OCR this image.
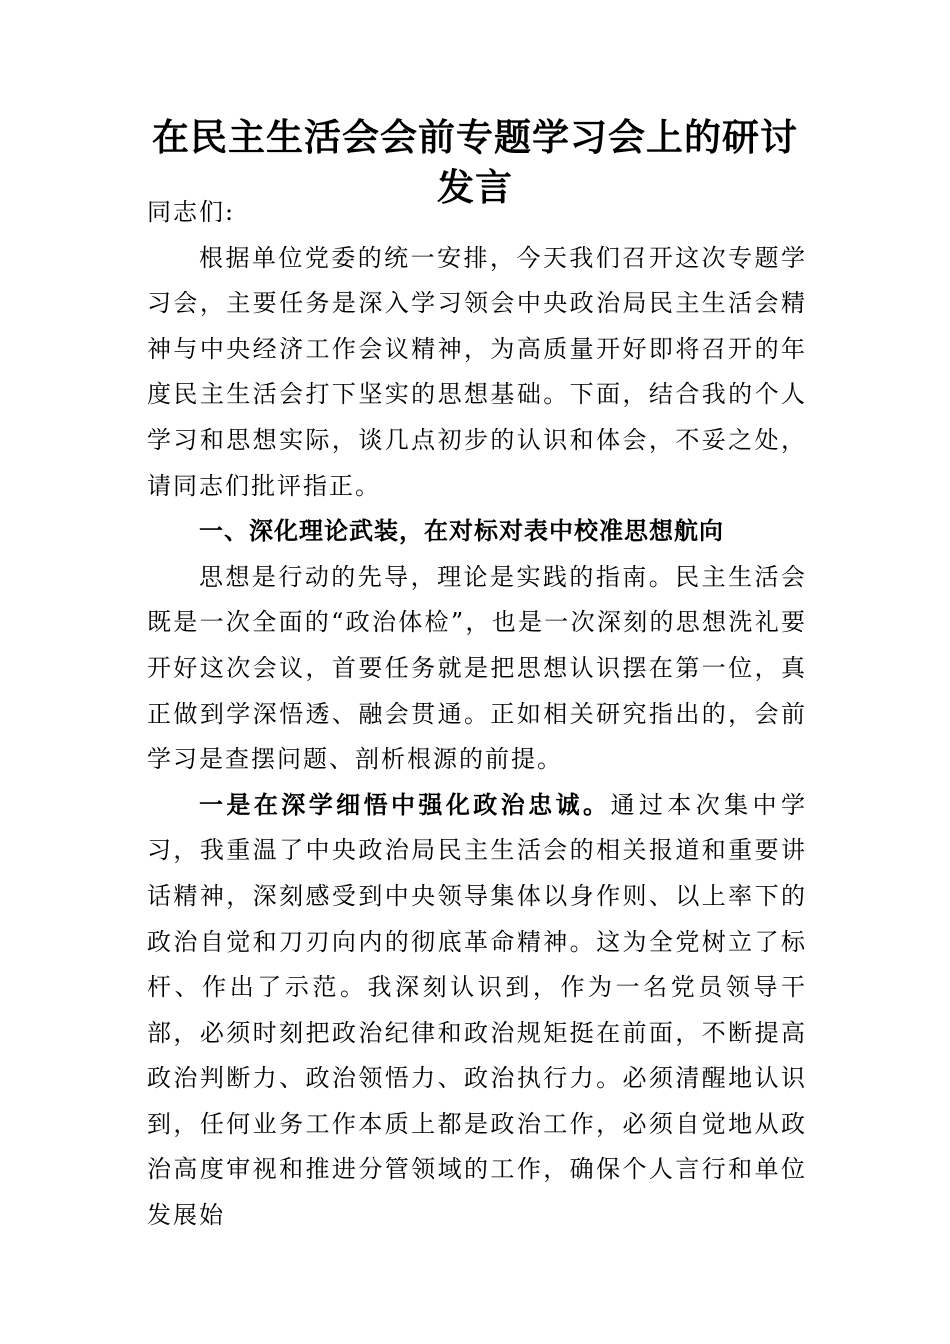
在民主生活会会前专题学习会上的研讨发言

同志们:

根据单位党委的统一安排，今天我们召开这次专题学习会，主要任务是深入学习领会中央政治局民主生活会精神与中央经济工作会议精神，为高质量开好即将召开的年度民主生活会打下坚实的思想基础。下面，结合我的个人学习和思想实际，谈几点初步的认识和体会，不妥之处，请同志们批评指正。

一、深化理论武装，在对标对表中校准思想航向

思想是行动的先导，理论是实践的指南。民主生活会既是一次全面的“政治体检”，也是一次深刻的思想洗礼要开好这次会议，首要任务就是把思想认识摆在第一位，真正做到学深悟透、融会贯通。正如相关研究指出的，会前学习是查摆问题、剖析根源的前提。

一是在深学细悟中强化政治忠诚。通过本次集中学习，我重温了中央政治局民主生活会的相关报道和重要讲话精神，深刻感受到中央领导集体以身作则、以上率下的政治自觉和刀刃向内的彻底革命精神。这为全党树立了标杆、作出了示范。我深刻认识到，作为一名党员领导干部，必须时刻把政治纪律和政治规矩挺在前面，不断提高政治判断力、政治领悟力、政治执行力。必须清醒地认识到，任何业务工作本质上都是政治工作，必须自觉地从政治高度审视和推进分管领域的工作，确保个人言行和单位发展始
